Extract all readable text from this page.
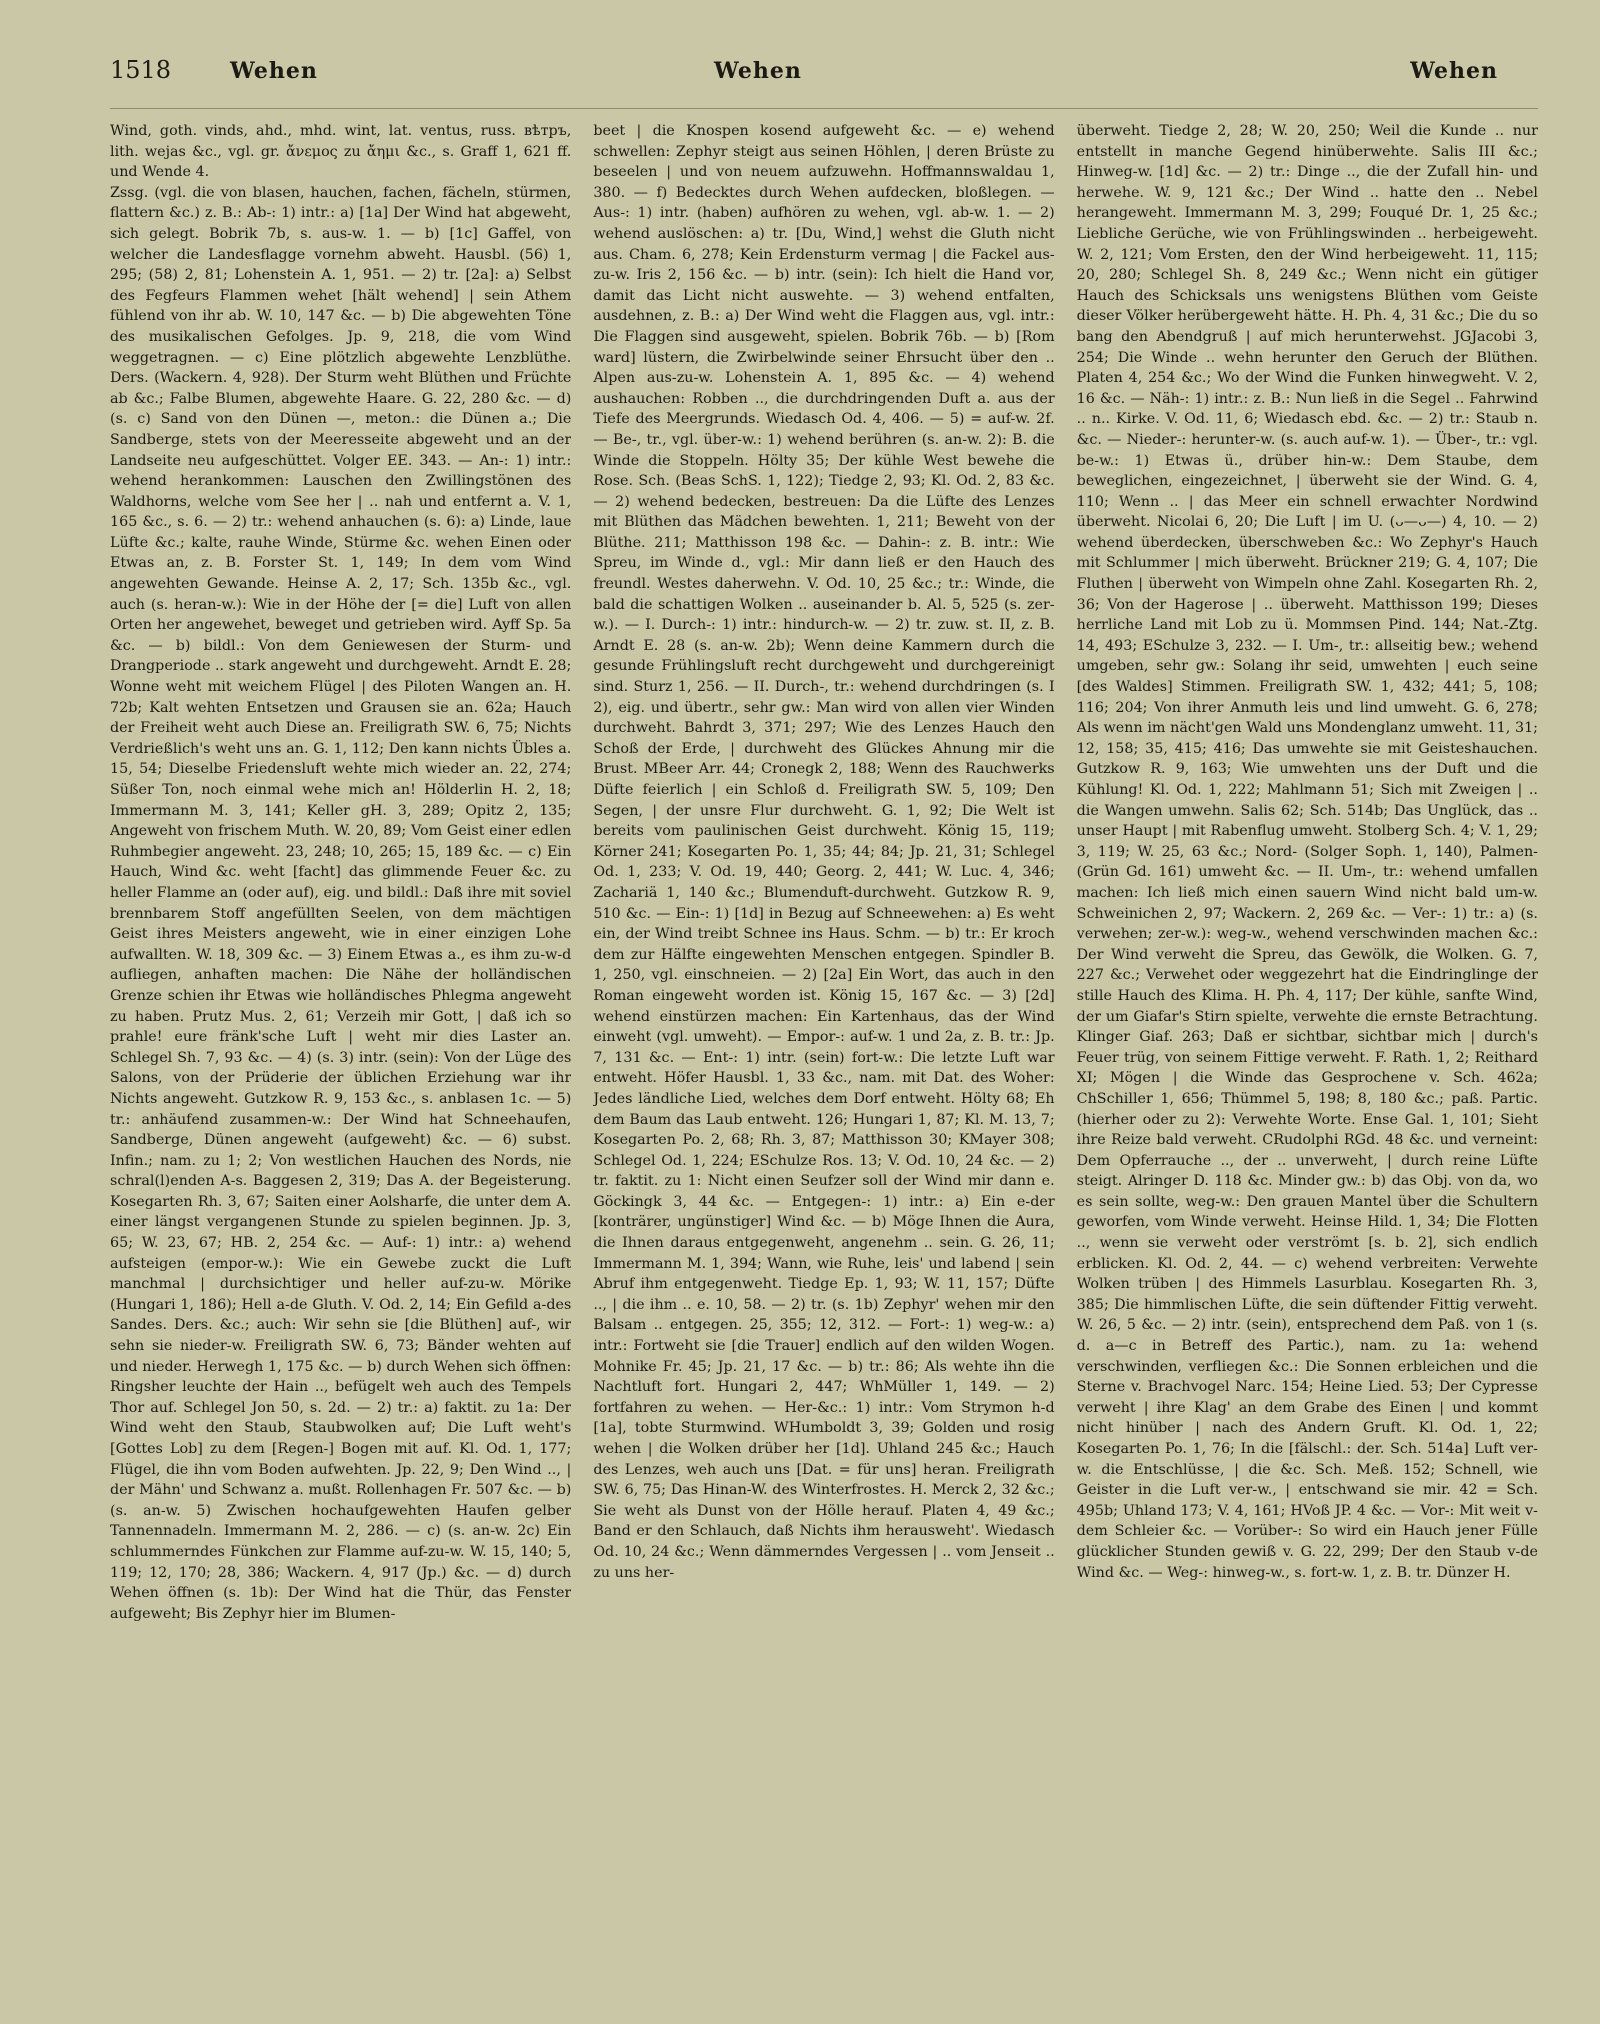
1518	Wehen	Wehen	Wehen

Wind, goth. vinds, ahd., mhd. wint, lat. ventus, russ. вѣтръ, lith. wejas &c., vgl. gr. ἄνεμος zu ἄημι &c., s. Graff 1, 621 ff. und Wende 4.

Zssg. (vgl. die von blasen, hauchen, fachen, fächeln, stürmen, flattern &c.) z. B.: Ab-: 1) intr.: a) [1a] Der Wind hat abgeweht, sich gelegt. Bobrik 7b, s. aus-w. 1. — b) [1c] Gaffel, von welcher die Landesflagge vornehm abweht. Hausbl. (56) 1, 295; (58) 2, 81; Lohenstein A. 1, 951. — 2) tr. [2a]: a) Selbst des Fegfeurs Flammen wehet [hält wehend] | sein Athem fühlend von ihr ab. W. 10, 147 &c. — b) Die abgewehten Töne des musikalischen Gefolges. Jp. 9, 218, die vom Wind weggetragnen. — c) Eine plötzlich abgewehte Lenzblüthe. Ders. (Wackern. 4, 928). Der Sturm weht Blüthen und Früchte ab &c.; Falbe Blumen, abgewehte Haare. G. 22, 280 &c. — d) (s. c) Sand von den Dünen —, meton.: die Dünen a.; Die Sandberge, stets von der Meeresseite abgeweht und an der Landseite neu aufgeschüttet. Volger EE. 343. — An-: 1) intr.: wehend herankommen: Lauschen den Zwillingstönen des Waldhorns, welche vom See her | .. nah und entfernt a. V. 1, 165 &c., s. 6. — 2) tr.: wehend anhauchen (s. 6): a) Linde, laue Lüfte &c.; kalte, rauhe Winde, Stürme &c. wehen Einen oder Etwas an, z. B. Forster St. 1, 149; In dem vom Wind angewehten Gewande. Heinse A. 2, 17; Sch. 135b &c., vgl. auch (s. heran-w.): Wie in der Höhe der [= die] Luft von allen Orten her angewehet, beweget und getrieben wird. Ayff Sp. 5a &c. — b) bildl.: Von dem Geniewesen der Sturm- und Drangperiode .. stark angeweht und durchgeweht. Arndt E. 28; Wonne weht mit weichem Flügel | des Piloten Wangen an. H. 72b; Kalt wehten Entsetzen und Grausen sie an. 62a; Hauch der Freiheit weht auch Diese an. Freiligrath SW. 6, 75; Nichts Verdrießlich's weht uns an. G. 1, 112; Den kann nichts Übles a. 15, 54; Dieselbe Friedensluft wehte mich wieder an. 22, 274; Süßer Ton, noch einmal wehe mich an! Hölderlin H. 2, 18; Immermann M. 3, 141; Keller gH. 3, 289; Opitz 2, 135; Angeweht von frischem Muth. W. 20, 89; Vom Geist einer edlen Ruhmbegier angeweht. 23, 248; 10, 265; 15, 189 &c. — c) Ein Hauch, Wind &c. weht [facht] das glimmende Feuer &c. zu heller Flamme an (oder auf), eig. und bildl.: Daß ihre mit soviel brennbarem Stoff angefüllten Seelen, von dem mächtigen Geist ihres Meisters angeweht, wie in einer einzigen Lohe aufwallten. W. 18, 309 &c. — 3) Einem Etwas a., es ihm zu-w-d aufliegen, anhaften machen: Die Nähe der holländischen Grenze schien ihr Etwas wie holländisches Phlegma angeweht zu haben. Prutz Mus. 2, 61; Verzeih mir Gott, | daß ich so prahle! eure fränk'sche Luft | weht mir dies Laster an. Schlegel Sh. 7, 93 &c. — 4) (s. 3) intr. (sein): Von der Lüge des Salons, von der Prüderie der üblichen Erziehung war ihr Nichts angeweht. Gutzkow R. 9, 153 &c., s. anblasen 1c. — 5) tr.: anhäufend zusammen-w.: Der Wind hat Schneehaufen, Sandberge, Dünen angeweht (aufgeweht) &c. — 6) subst. Infin.; nam. zu 1; 2; Von westlichen Hauchen des Nords, nie schral(l)enden A-s. Baggesen 2, 319; Das A. der Begeisterung. Kosegarten Rh. 3, 67; Saiten einer Aolsharfe, die unter dem A. einer längst vergangenen Stunde zu spielen beginnen. Jp. 3, 65; W. 23, 67; HB. 2, 254 &c. — Auf-: 1) intr.: a) wehend aufsteigen (empor-w.): Wie ein Gewebe zuckt die Luft manchmal | durchsichtiger und heller auf-zu-w. Mörike (Hungari 1, 186); Hell a-de Gluth. V. Od. 2, 14; Ein Gefild a-des Sandes. Ders. &c.; auch: Wir sehn sie [die Blüthen] auf-, wir sehn sie nieder-w. Freiligrath SW. 6, 73; Bänder wehten auf und nieder. Herwegh 1, 175 &c. — b) durch Wehen sich öffnen: Ringsher leuchte der Hain .., befügelt weh auch des Tempels Thor auf. Schlegel Jon 50, s. 2d. — 2) tr.: a) faktit. zu 1a: Der Wind weht den Staub, Staubwolken auf; Die Luft weht's [Gottes Lob] zu dem [Regen-] Bogen mit auf. Kl. Od. 1, 177; Flügel, die ihn vom Boden aufwehten. Jp. 22, 9; Den Wind .., | der Mähn' und Schwanz a. mußt. Rollenhagen Fr. 507 &c. — b) (s. an-w. 5) Zwischen hochaufgewehten Haufen gelber Tannennadeln. Immermann M. 2, 286. — c) (s. an-w. 2c) Ein schlummerndes Fünkchen zur Flamme auf-zu-w. W. 15, 140; 5, 119; 12, 170; 28, 386; Wackern. 4, 917 (Jp.) &c. — d) durch Wehen öffnen (s. 1b): Der Wind hat die Thür, das Fenster aufgeweht; Bis Zephyr hier im Blumen-

beet | die Knospen kosend aufgeweht &c. — e) wehend schwellen: Zephyr steigt aus seinen Höhlen, | deren Brüste zu beseelen | und von neuem aufzuwehn. Hoffmannswaldau 1, 380. — f) Bedecktes durch Wehen aufdecken, bloßlegen. — Aus-: 1) intr. (haben) aufhören zu wehen, vgl. ab-w. 1. — 2) wehend auslöschen: a) tr. [Du, Wind,] wehst die Gluth nicht aus. Cham. 6, 278; Kein Erdensturm vermag | die Fackel aus-zu-w. Iris 2, 156 &c. — b) intr. (sein): Ich hielt die Hand vor, damit das Licht nicht auswehte. — 3) wehend entfalten, ausdehnen, z. B.: a) Der Wind weht die Flaggen aus, vgl. intr.: Die Flaggen sind ausgeweht, spielen. Bobrik 76b. — b) [Rom ward] lüstern, die Zwirbelwinde seiner Ehrsucht über den .. Alpen aus-zu-w. Lohenstein A. 1, 895 &c. — 4) wehend aushauchen: Robben .., die durchdringenden Duft a. aus der Tiefe des Meergrunds. Wiedasch Od. 4, 406. — 5) = auf-w. 2f. — Be-, tr., vgl. über-w.: 1) wehend berühren (s. an-w. 2): B. die Winde die Stoppeln. Hölty 35; Der kühle West bewehe die Rose. Sch. (Beas SchS. 1, 122); Tiedge 2, 93; Kl. Od. 2, 83 &c. — 2) wehend bedecken, bestreuen: Da die Lüfte des Lenzes mit Blüthen das Mädchen bewehten. 1, 211; Beweht von der Blüthe. 211; Matthisson 198 &c. — Dahin-: z. B. intr.: Wie Spreu, im Winde d., vgl.: Mir dann ließ er den Hauch des freundl. Westes daherwehn. V. Od. 10, 25 &c.; tr.: Winde, die bald die schattigen Wolken .. auseinander b. Al. 5, 525 (s. zer-w.). — I. Durch-: 1) intr.: hindurch-w. — 2) tr. zuw. st. II, z. B. Arndt E. 28 (s. an-w. 2b); Wenn deine Kammern durch die gesunde Frühlingsluft recht durchgeweht und durchgereinigt sind. Sturz 1, 256. — II. Durch-, tr.: wehend durchdringen (s. I 2), eig. und übertr., sehr gw.: Man wird von allen vier Winden durchweht. Bahrdt 3, 371; 297; Wie des Lenzes Hauch den Schoß der Erde, | durchweht des Glückes Ahnung mir die Brust. MBeer Arr. 44; Cronegk 2, 188; Wenn des Rauchwerks Düfte feierlich | ein Schloß d. Freiligrath SW. 5, 109; Den Segen, | der unsre Flur durchweht. G. 1, 92; Die Welt ist bereits vom paulinischen Geist durchweht. König 15, 119; Körner 241; Kosegarten Po. 1, 35; 44; 84; Jp. 21, 31; Schlegel Od. 1, 233; V. Od. 19, 440; Georg. 2, 441; W. Luc. 4, 346; Zachariä 1, 140 &c.; Blumenduft-durchweht. Gutzkow R. 9, 510 &c. — Ein-: 1) [1d] in Bezug auf Schneewehen: a) Es weht ein, der Wind treibt Schnee ins Haus. Schm. — b) tr.: Er kroch dem zur Hälfte eingewehten Menschen entgegen. Spindler B. 1, 250, vgl. einschneien. — 2) [2a] Ein Wort, das auch in den Roman eingeweht worden ist. König 15, 167 &c. — 3) [2d] wehend einstürzen machen: Ein Kartenhaus, das der Wind einweht (vgl. umweht). — Empor-: auf-w. 1 und 2a, z. B. tr.: Jp. 7, 131 &c. — Ent-: 1) intr. (sein) fort-w.: Die letzte Luft war entweht. Höfer Hausbl. 1, 33 &c., nam. mit Dat. des Woher: Jedes ländliche Lied, welches dem Dorf entweht. Hölty 68; Eh dem Baum das Laub entweht. 126; Hungari 1, 87; Kl. M. 13, 7; Kosegarten Po. 2, 68; Rh. 3, 87; Matthisson 30; KMayer 308; Schlegel Od. 1, 224; ESchulze Ros. 13; V. Od. 10, 24 &c. — 2) tr. faktit. zu 1: Nicht einen Seufzer soll der Wind mir dann e. Göckingk 3, 44 &c. — Entgegen-: 1) intr.: a) Ein e-der [konträrer, ungünstiger] Wind &c. — b) Möge Ihnen die Aura, die Ihnen daraus entgegenweht, angenehm .. sein. G. 26, 11; Immermann M. 1, 394; Wann, wie Ruhe, leis' und labend | sein Abruf ihm entgegenweht. Tiedge Ep. 1, 93; W. 11, 157; Düfte .., | die ihm .. e. 10, 58. — 2) tr. (s. 1b) Zephyr' wehen mir den Balsam .. entgegen. 25, 355; 12, 312. — Fort-: 1) weg-w.: a) intr.: Fortweht sie [die Trauer] endlich auf den wilden Wogen. Mohnike Fr. 45; Jp. 21, 17 &c. — b) tr.: 86; Als wehte ihn die Nachtluft fort. Hungari 2, 447; WhMüller 1, 149. — 2) fortfahren zu wehen. — Her-&c.: 1) intr.: Vom Strymon h-d [1a], tobte Sturmwind. WHumboldt 3, 39; Golden und rosig wehen | die Wolken drüber her [1d]. Uhland 245 &c.; Hauch des Lenzes, weh auch uns [Dat. = für uns] heran. Freiligrath SW. 6, 75; Das Hinan-W. des Winterfrostes. H. Merck 2, 32 &c.; Sie weht als Dunst von der Hölle herauf. Platen 4, 49 &c.; Band er den Schlauch, daß Nichts ihm herausweht'. Wiedasch Od. 10, 24 &c.; Wenn dämmerndes Vergessen | .. vom Jenseit .. zu uns her-

überweht. Tiedge 2, 28; W. 20, 250; Weil die Kunde .. nur entstellt in manche Gegend hinüberwehte. Salis III &c.; Hinweg-w. [1d] &c. — 2) tr.: Dinge .., die der Zufall hin- und herwehe. W. 9, 121 &c.; Der Wind .. hatte den .. Nebel herangeweht. Immermann M. 3, 299; Fouqué Dr. 1, 25 &c.; Liebliche Gerüche, wie von Frühlingswinden .. herbeigeweht. W. 2, 121; Vom Ersten, den der Wind herbeigeweht. 11, 115; 20, 280; Schlegel Sh. 8, 249 &c.; Wenn nicht ein gütiger Hauch des Schicksals uns wenigstens Blüthen vom Geiste dieser Völker herübergeweht hätte. H. Ph. 4, 31 &c.; Die du so bang den Abendgruß | auf mich herunterwehst. JGJacobi 3, 254; Die Winde .. wehn herunter den Geruch der Blüthen. Platen 4, 254 &c.; Wo der Wind die Funken hinwegweht. V. 2, 16 &c. — Näh-: 1) intr.: z. B.: Nun ließ in die Segel .. Fahrwind .. n.. Kirke. V. Od. 11, 6; Wiedasch ebd. &c. — 2) tr.: Staub n. &c. — Nieder-: herunter-w. (s. auch auf-w. 1). — Über-, tr.: vgl. be-w.: 1) Etwas ü., drüber hin-w.: Dem Staube, dem beweglichen, eingezeichnet, | überweht sie der Wind. G. 4, 110; Wenn .. | das Meer ein schnell erwachter Nordwind überweht. Nicolai 6, 20; Die Luft | im U. (ᴗ—ᴗ—) 4, 10. — 2) wehend überdecken, überschweben &c.: Wo Zephyr's Hauch mit Schlummer | mich überweht. Brückner 219; G. 4, 107; Die Fluthen | überweht von Wimpeln ohne Zahl. Kosegarten Rh. 2, 36; Von der Hagerose | .. überweht. Matthisson 199; Dieses herrliche Land mit Lob zu ü. Mommsen Pind. 144; Nat.-Ztg. 14, 493; ESchulze 3, 232. — I. Um-, tr.: allseitig bew.; wehend umgeben, sehr gw.: Solang ihr seid, umwehten | euch seine [des Waldes] Stimmen. Freiligrath SW. 1, 432; 441; 5, 108; 116; 204; Von ihrer Anmuth leis und lind umweht. G. 6, 278; Als wenn im nächt'gen Wald uns Mondenglanz umweht. 11, 31; 12, 158; 35, 415; 416; Das umwehte sie mit Geisteshauchen. Gutzkow R. 9, 163; Wie umwehten uns der Duft und die Kühlung! Kl. Od. 1, 222; Mahlmann 51; Sich mit Zweigen | .. die Wangen umwehn. Salis 62; Sch. 514b; Das Unglück, das .. unser Haupt | mit Rabenflug umweht. Stolberg Sch. 4; V. 1, 29; 3, 119; W. 25, 63 &c.; Nord- (Solger Soph. 1, 140), Palmen- (Grün Gd. 161) umweht &c. — II. Um-, tr.: wehend umfallen machen: Ich ließ mich einen sauern Wind nicht bald um-w. Schweinichen 2, 97; Wackern. 2, 269 &c. — Ver-: 1) tr.: a) (s. verwehen; zer-w.): weg-w., wehend verschwinden machen &c.: Der Wind verweht die Spreu, das Gewölk, die Wolken. G. 7, 227 &c.; Verwehet oder weggezehrt hat die Eindringlinge der stille Hauch des Klima. H. Ph. 4, 117; Der kühle, sanfte Wind, der um Giafar's Stirn spielte, verwehte die ernste Betrachtung. Klinger Giaf. 263; Daß er sichtbar, sichtbar mich | durch's Feuer trüg, von seinem Fittige verweht. F. Rath. 1, 2; Reithard XI; Mögen | die Winde das Gesprochene v. Sch. 462a; ChSchiller 1, 656; Thümmel 5, 198; 8, 180 &c.; paß. Partic. (hierher oder zu 2): Verwehte Worte. Ense Gal. 1, 101; Sieht ihre Reize bald verweht. CRudolphi RGd. 48 &c. und verneint: Dem Opferrauche .., der .. unverweht, | durch reine Lüfte steigt. Alringer D. 118 &c. Minder gw.: b) das Obj. von da, wo es sein sollte, weg-w.: Den grauen Mantel über die Schultern geworfen, vom Winde verweht. Heinse Hild. 1, 34; Die Flotten .., wenn sie verweht oder verströmt [s. b. 2], sich endlich erblicken. Kl. Od. 2, 44. — c) wehend verbreiten: Verwehte Wolken trüben | des Himmels Lasurblau. Kosegarten Rh. 3, 385; Die himmlischen Lüfte, die sein düftender Fittig verweht. W. 26, 5 &c. — 2) intr. (sein), entsprechend dem Paß. von 1 (s. d. a—c in Betreff des Partic.), nam. zu 1a: wehend verschwinden, verfliegen &c.: Die Sonnen erbleichen und die Sterne v. Brachvogel Narc. 154; Heine Lied. 53; Der Cypresse verweht | ihre Klag' an dem Grabe des Einen | und kommt nicht hinüber | nach des Andern Gruft. Kl. Od. 1, 22; Kosegarten Po. 1, 76; In die [fälschl.: der. Sch. 514a] Luft ver-w. die Entschlüsse, | die &c. Sch. Meß. 152; Schnell, wie Geister in die Luft ver-w., | entschwand sie mir. 42 = Sch. 495b; Uhland 173; V. 4, 161; HVoß JP. 4 &c. — Vor-: Mit weit v-dem Schleier &c. — Vorüber-: So wird ein Hauch jener Fülle glücklicher Stunden gewiß v. G. 22, 299; Der den Staub v-de Wind &c. — Weg-: hinweg-w., s. fort-w. 1, z. B. tr. Dünzer H.
